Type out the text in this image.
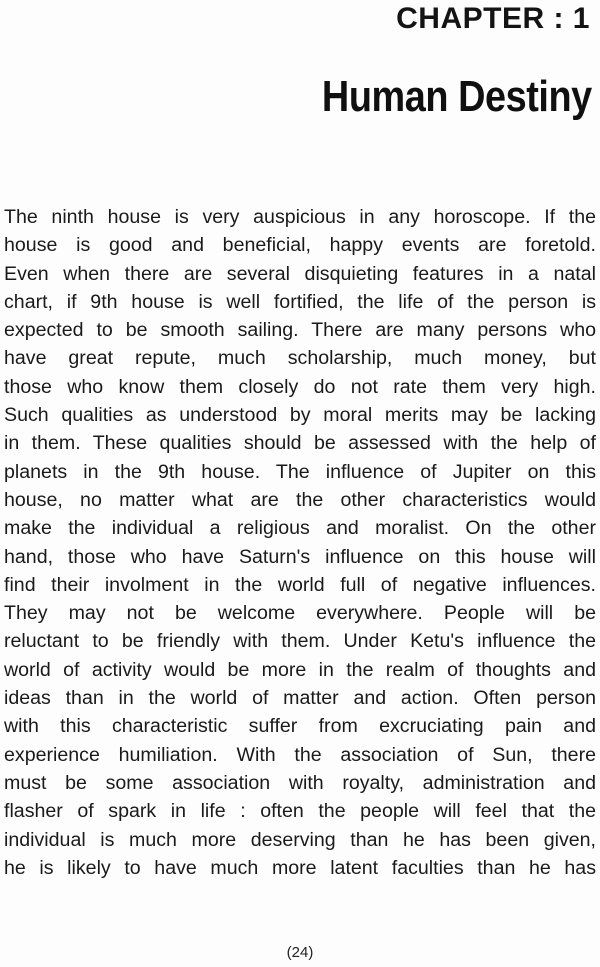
CHAPTER : 1
Human Destiny
The ninth house is very auspicious in any horoscope. If the
house is good and beneficial, happy events are foretold.
Even when there are several disquieting features in a natal
chart, if 9th house is well fortified, the life of the person is
expected to be smooth sailing. There are many persons who
have great repute, much scholarship, much money, but
those who know them closely do not rate them very high.
Such qualities as understood by moral merits may be lacking
in them. These qualities should be assessed with the help of
planets in the 9th house. The influence of Jupiter on this
house, no matter what are the other characteristics would
make the individual a religious and moralist. On the other
hand, those who have Saturn's influence on this house will
find their involment in the world full of negative influences.
They may not be welcome everywhere. People will be
reluctant to be friendly with them. Under Ketu's influence the
world of activity would be more in the realm of thoughts and
ideas than in the world of matter and action. Often person
with this characteristic suffer from excruciating pain and
experience humiliation. With the association of Sun, there
must be some association with royalty, administration and
flasher of spark in life : often the people will feel that the
individual is much more deserving than he has been given,
he is likely to have much more latent faculties than he has
(24)
